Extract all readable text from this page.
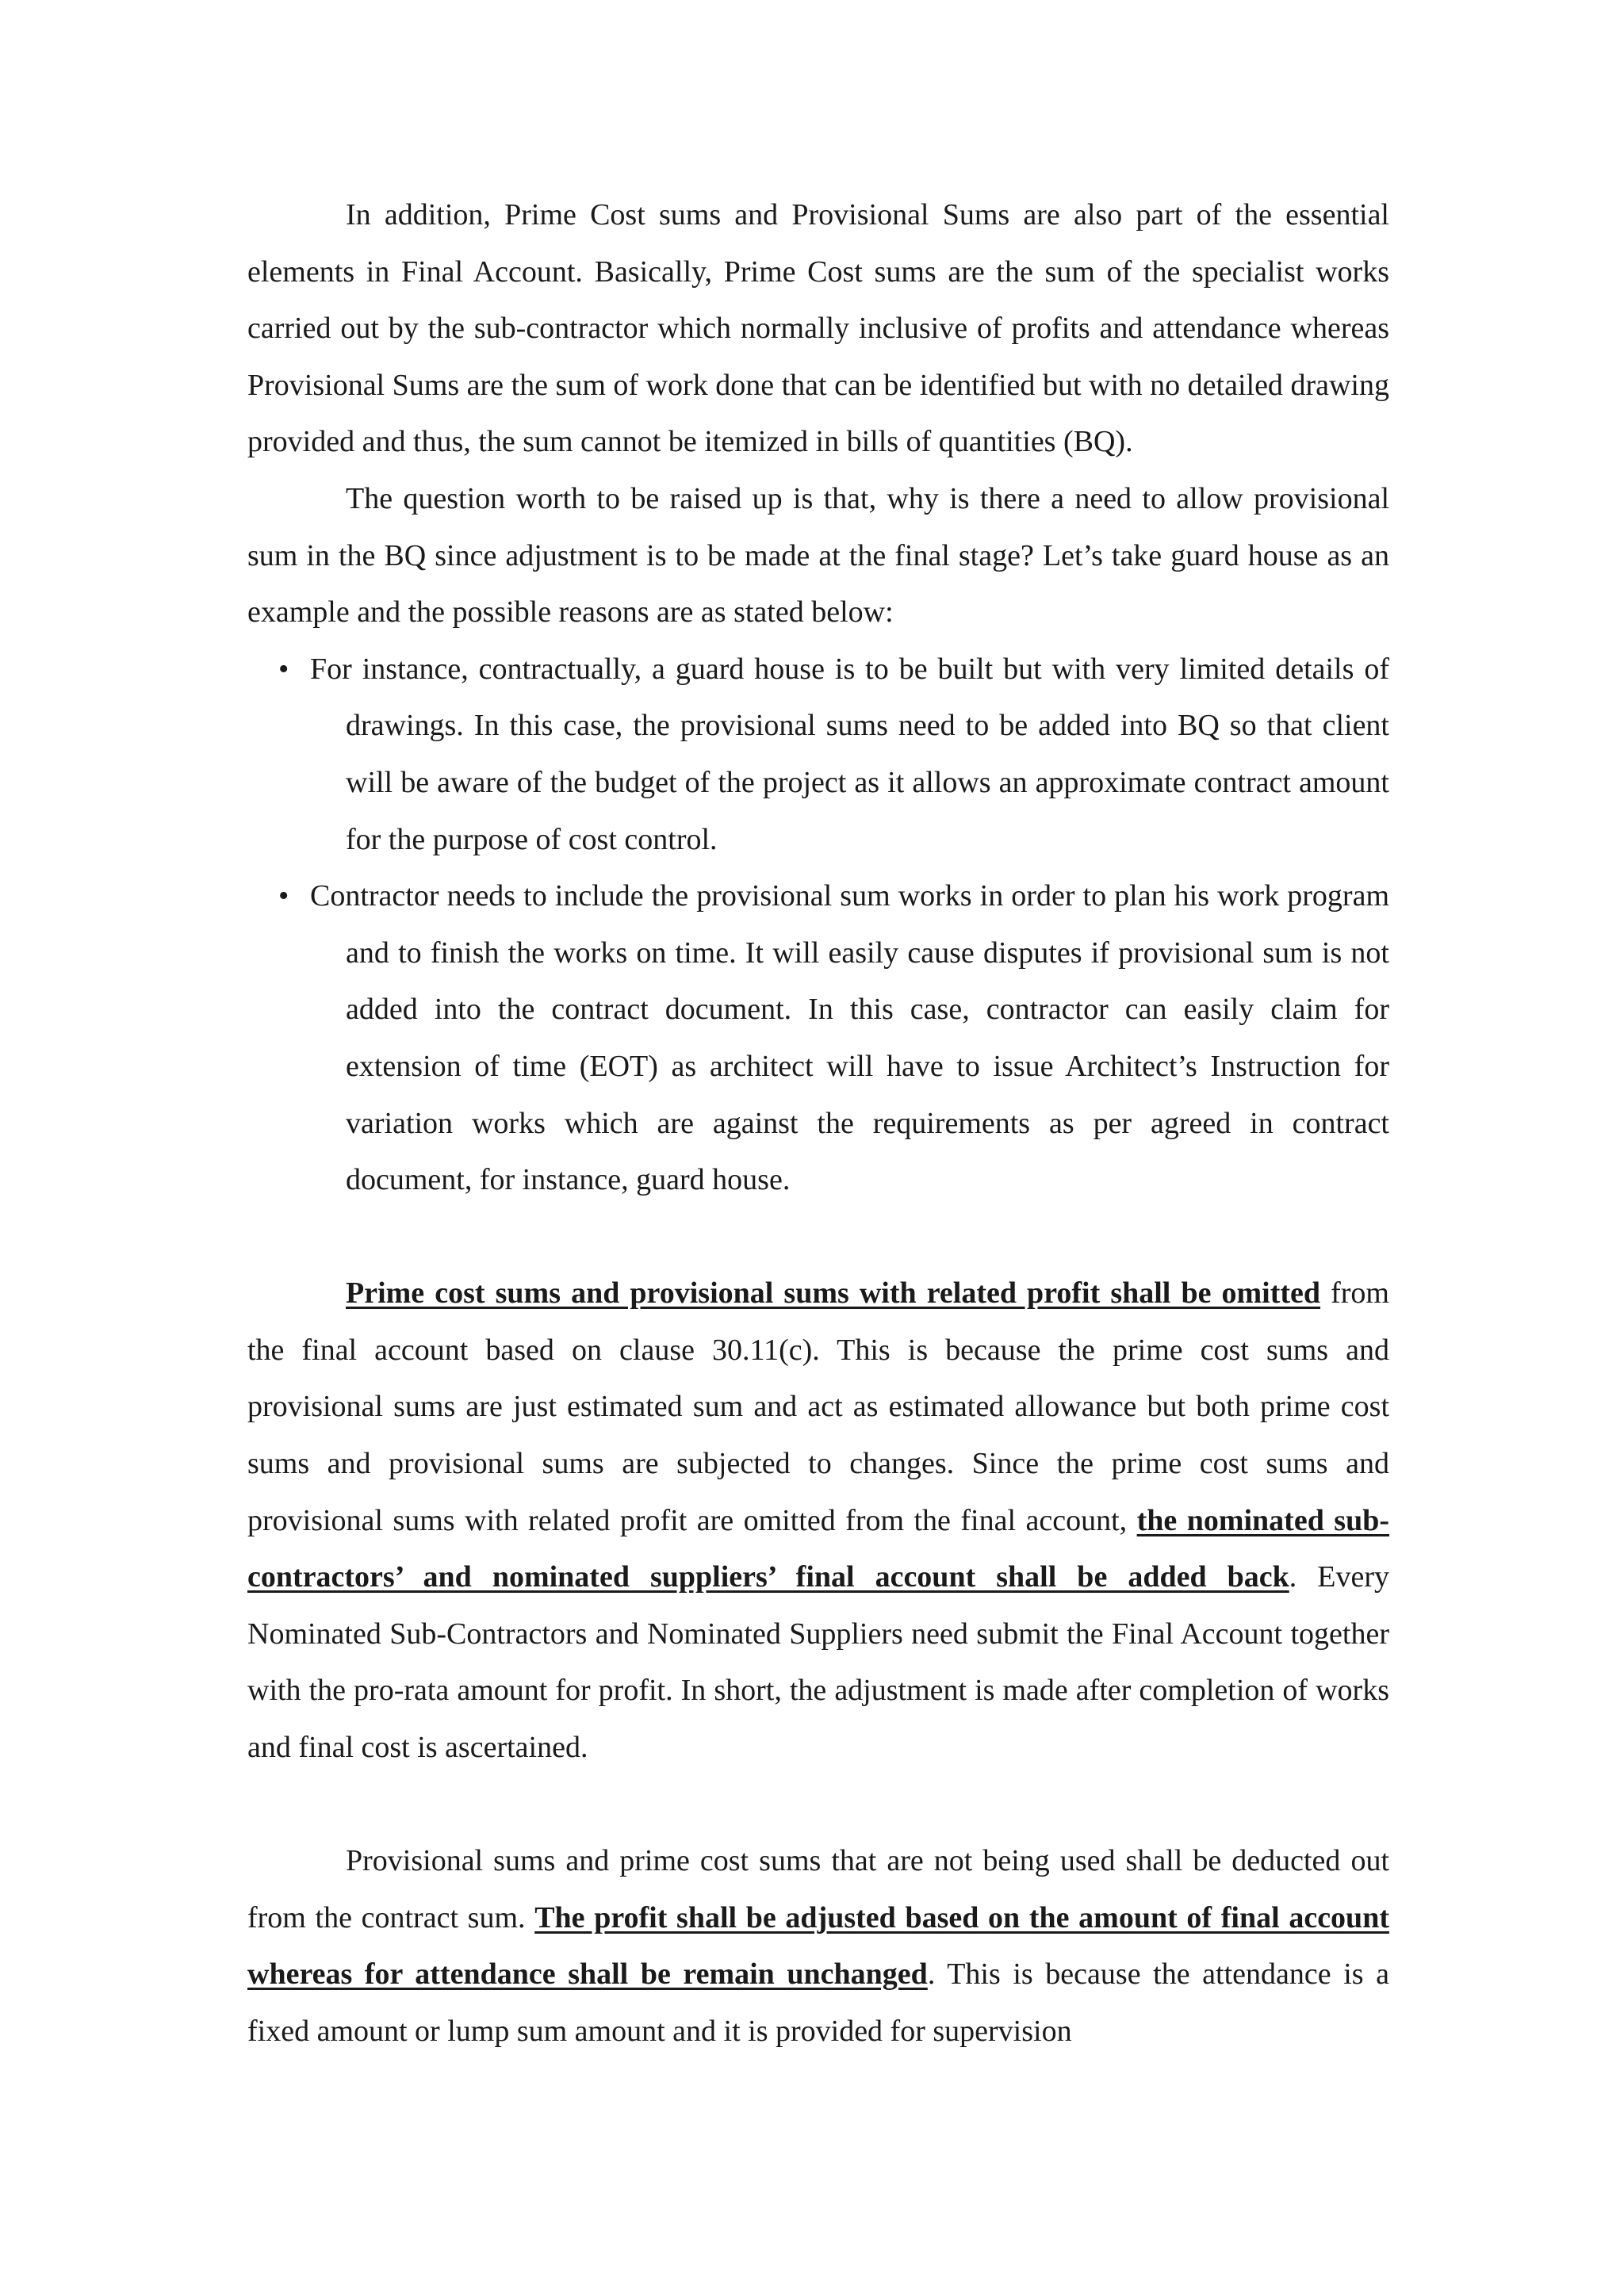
In addition, Prime Cost sums and Provisional Sums are also part of the essential elements in Final Account. Basically, Prime Cost sums are the sum of the specialist works carried out by the sub-contractor which normally inclusive of profits and attendance whereas Provisional Sums are the sum of work done that can be identified but with no detailed drawing provided and thus, the sum cannot be itemized in bills of quantities (BQ).

The question worth to be raised up is that, why is there a need to allow provisional sum in the BQ since adjustment is to be made at the final stage? Let’s take guard house as an example and the possible reasons are as stated below:

• For instance, contractually, a guard house is to be built but with very limited details of drawings. In this case, the provisional sums need to be added into BQ so that client will be aware of the budget of the project as it allows an approximate contract amount for the purpose of cost control.
• Contractor needs to include the provisional sum works in order to plan his work program and to finish the works on time. It will easily cause disputes if provisional sum is not added into the contract document. In this case, contractor can easily claim for extension of time (EOT) as architect will have to issue Architect’s Instruction for variation works which are against the requirements as per agreed in contract document, for instance, guard house.

Prime cost sums and provisional sums with related profit shall be omitted from the final account based on clause 30.11(c). This is because the prime cost sums and provisional sums are just estimated sum and act as estimated allowance but both prime cost sums and provisional sums are subjected to changes. Since the prime cost sums and provisional sums with related profit are omitted from the final account, the nominated sub-contractors’ and nominated suppliers’ final account shall be added back. Every Nominated Sub-Contractors and Nominated Suppliers need submit the Final Account together with the pro-rata amount for profit. In short, the adjustment is made after completion of works and final cost is ascertained.

Provisional sums and prime cost sums that are not being used shall be deducted out from the contract sum. The profit shall be adjusted based on the amount of final account whereas for attendance shall be remain unchanged. This is because the attendance is a fixed amount or lump sum amount and it is provided for supervision
